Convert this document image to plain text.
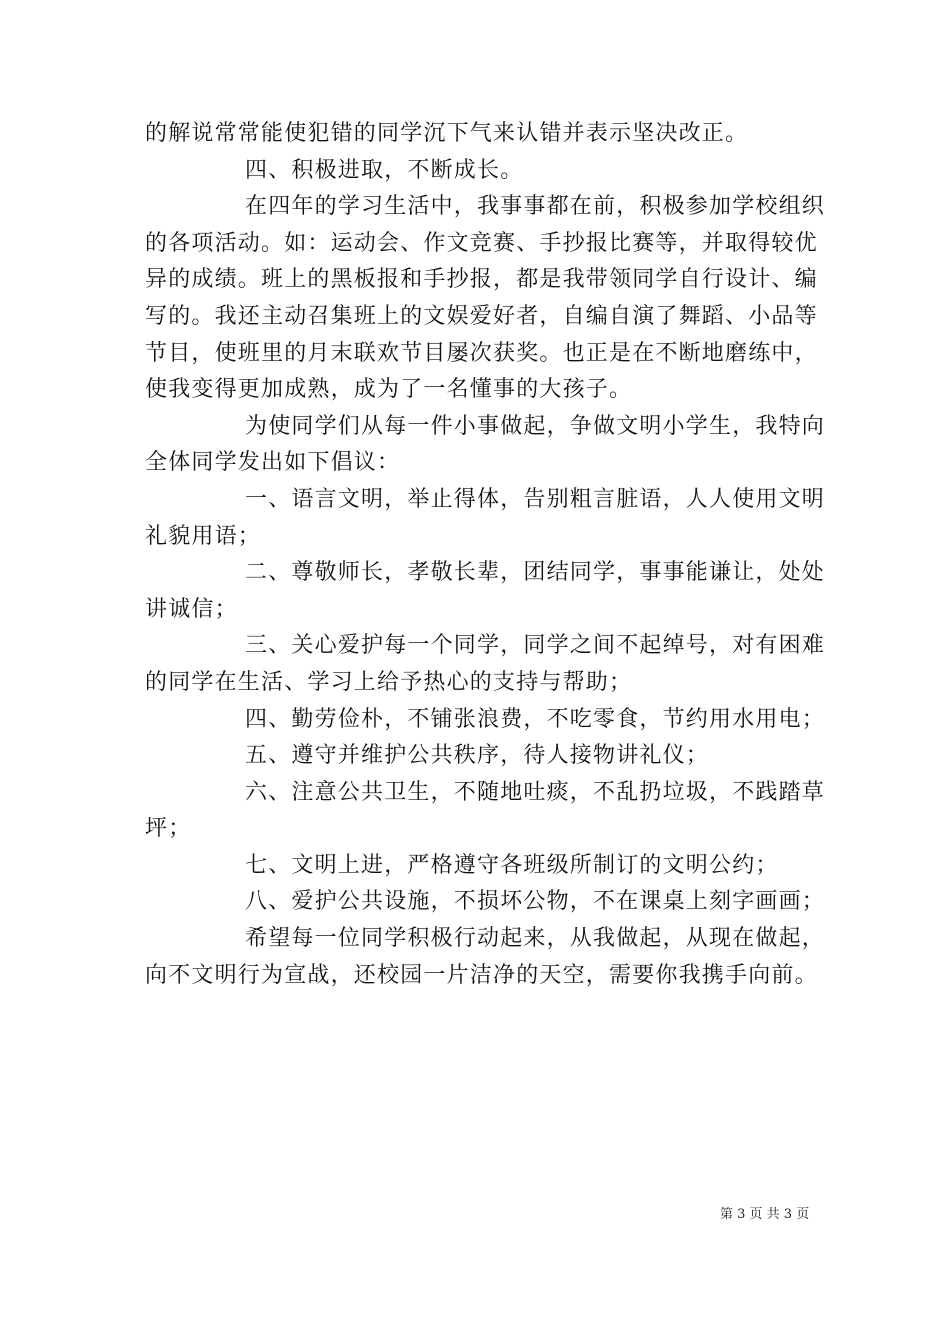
的解说常常能使犯错的同学沉下气来认错并表示坚决改正。
四、积极进取，不断成长。
在四年的学习生活中，我事事都在前，积极参加学校组织
的各项活动。如：运动会、作文竞赛、手抄报比赛等，并取得较优
异的成绩。班上的黑板报和手抄报，都是我带领同学自行设计、编
写的。我还主动召集班上的文娱爱好者，自编自演了舞蹈、小品等
节目，使班里的月末联欢节目屡次获奖。也正是在不断地磨练中，
使我变得更加成熟，成为了一名懂事的大孩子。
为使同学们从每一件小事做起，争做文明小学生，我特向
全体同学发出如下倡议：
一、语言文明，举止得体，告别粗言脏语，人人使用文明
礼貌用语；
二、尊敬师长，孝敬长辈，团结同学，事事能谦让，处处
讲诚信；
三、关心爱护每一个同学，同学之间不起绰号，对有困难
的同学在生活、学习上给予热心的支持与帮助；
四、勤劳俭朴，不铺张浪费，不吃零食，节约用水用电；
五、遵守并维护公共秩序，待人接物讲礼仪；
六、注意公共卫生，不随地吐痰，不乱扔垃圾，不践踏草
坪；
七、文明上进，严格遵守各班级所制订的文明公约；
八、爱护公共设施，不损坏公物，不在课桌上刻字画画；
希望每一位同学积极行动起来，从我做起，从现在做起，
向不文明行为宣战，还校园一片洁净的天空，需要你我携手向前。
第 3 页 共 3 页
